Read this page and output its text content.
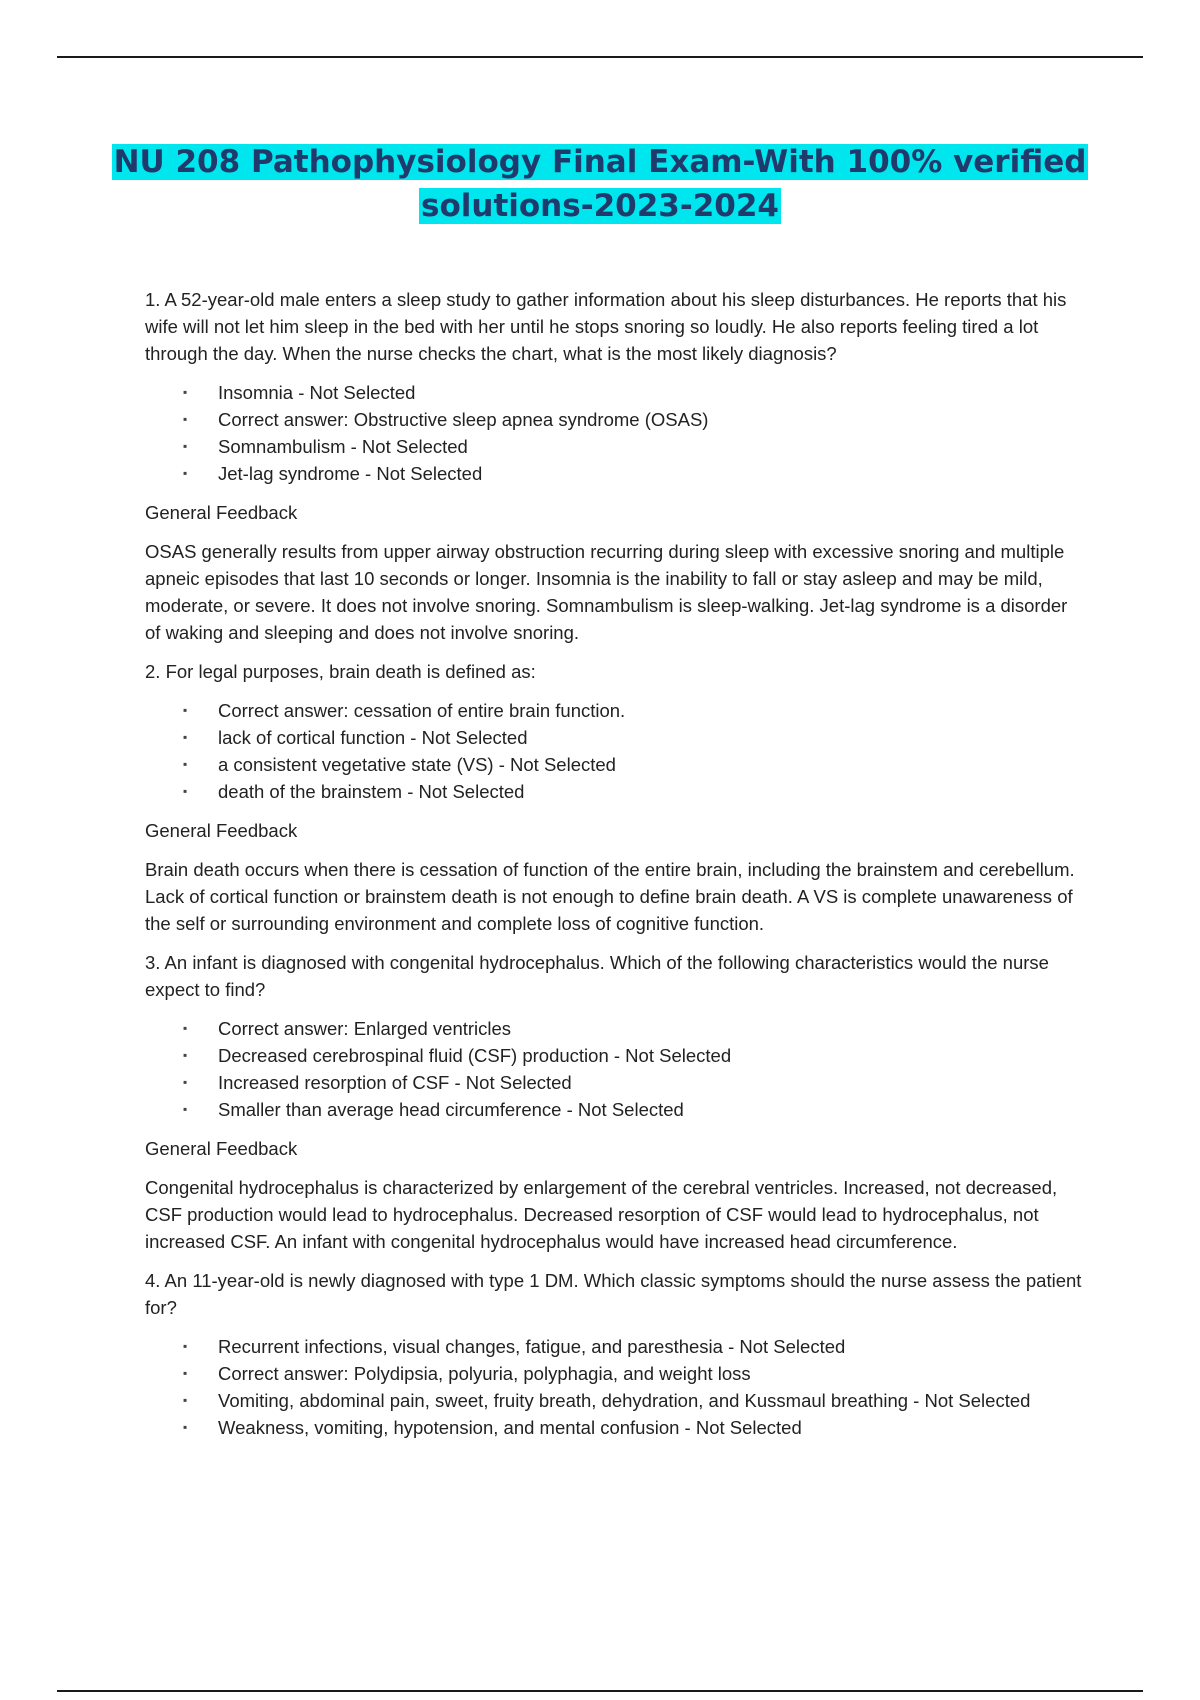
NU 208 Pathophysiology Final Exam-With 100% verified
solutions-2023-2024

1. A 52-year-old male enters a sleep study to gather information about his sleep disturbances. He reports that his wife will not let him sleep in the bed with her until he stops snoring so loudly. He also reports feeling tired a lot through the day. When the nurse checks the chart, what is the most likely diagnosis?

▪ Insomnia - Not Selected
▪ Correct answer: Obstructive sleep apnea syndrome (OSAS)
▪ Somnambulism - Not Selected
▪ Jet-lag syndrome - Not Selected

General Feedback

OSAS generally results from upper airway obstruction recurring during sleep with excessive snoring and multiple apneic episodes that last 10 seconds or longer. Insomnia is the inability to fall or stay asleep and may be mild, moderate, or severe. It does not involve snoring. Somnambulism is sleep-walking. Jet-lag syndrome is a disorder of waking and sleeping and does not involve snoring.

2. For legal purposes, brain death is defined as:

▪ Correct answer: cessation of entire brain function.
▪ lack of cortical function - Not Selected
▪ a consistent vegetative state (VS) - Not Selected
▪ death of the brainstem - Not Selected

General Feedback

Brain death occurs when there is cessation of function of the entire brain, including the brainstem and cerebellum. Lack of cortical function or brainstem death is not enough to define brain death. A VS is complete unawareness of the self or surrounding environment and complete loss of cognitive function.

3. An infant is diagnosed with congenital hydrocephalus. Which of the following characteristics would the nurse expect to find?

▪ Correct answer: Enlarged ventricles
▪ Decreased cerebrospinal fluid (CSF) production - Not Selected
▪ Increased resorption of CSF - Not Selected
▪ Smaller than average head circumference - Not Selected

General Feedback

Congenital hydrocephalus is characterized by enlargement of the cerebral ventricles. Increased, not decreased, CSF production would lead to hydrocephalus. Decreased resorption of CSF would lead to hydrocephalus, not increased CSF. An infant with congenital hydrocephalus would have increased head circumference.

4. An 11-year-old is newly diagnosed with type 1 DM. Which classic symptoms should the nurse assess the patient for?

▪ Recurrent infections, visual changes, fatigue, and paresthesia - Not Selected
▪ Correct answer: Polydipsia, polyuria, polyphagia, and weight loss
▪ Vomiting, abdominal pain, sweet, fruity breath, dehydration, and Kussmaul breathing - Not Selected
▪ Weakness, vomiting, hypotension, and mental confusion - Not Selected
